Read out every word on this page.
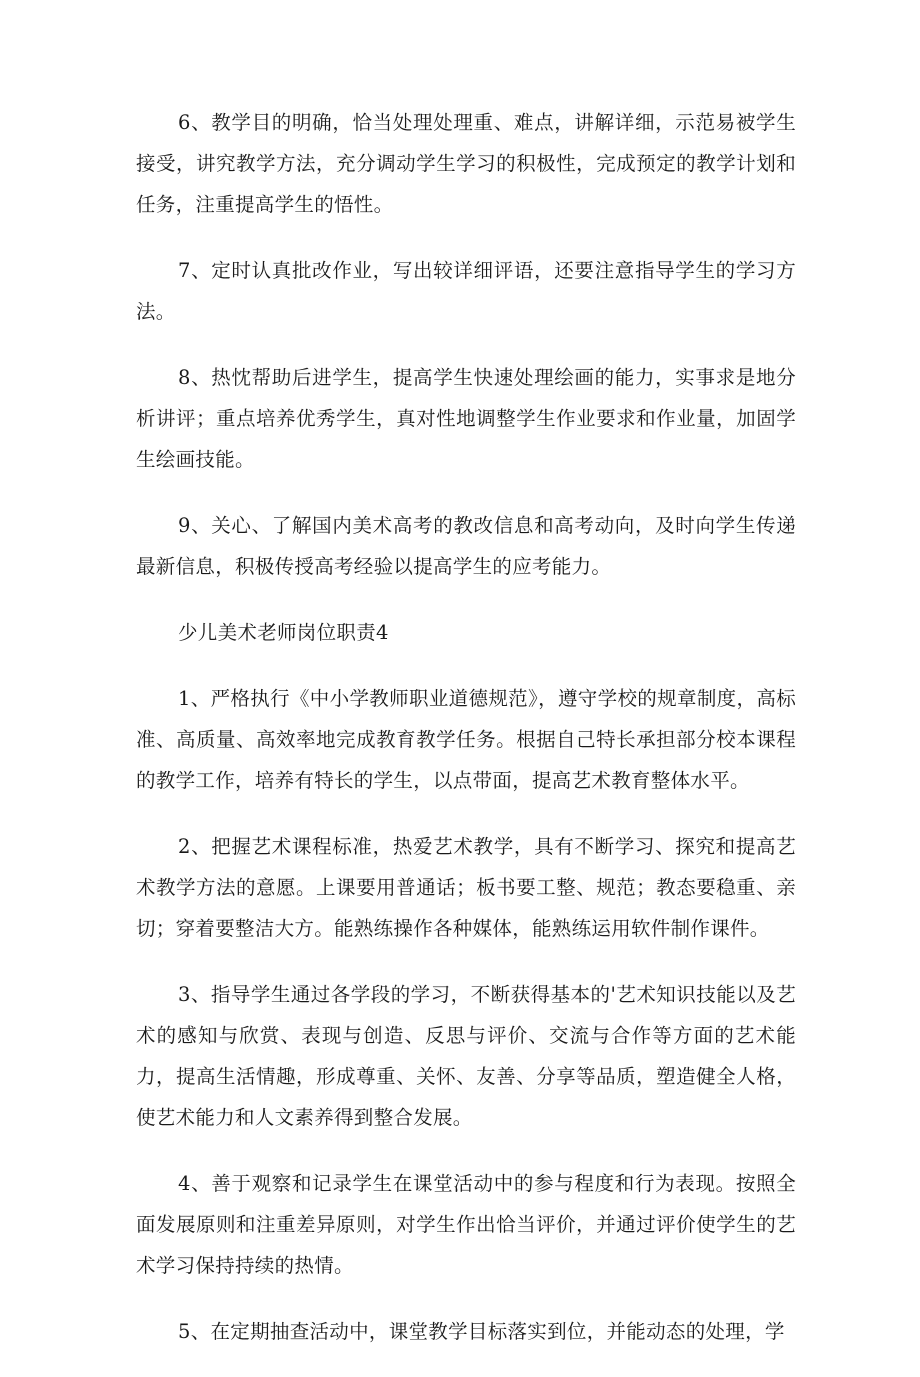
6、教学目的明确，恰当处理处理重、难点，讲解详细，示范易被学生接受，讲究教学方法，充分调动学生学习的积极性，完成预定的教学计划和任务，注重提高学生的悟性。

7、定时认真批改作业，写出较详细评语，还要注意指导学生的学习方法。

8、热忱帮助后进学生，提高学生快速处理绘画的能力，实事求是地分析讲评；重点培养优秀学生，真对性地调整学生作业要求和作业量，加固学生绘画技能。

9、关心、了解国内美术高考的教改信息和高考动向，及时向学生传递最新信息，积极传授高考经验以提高学生的应考能力。

少儿美术老师岗位职责4

1、严格执行《中小学教师职业道德规范》，遵守学校的规章制度，高标准、高质量、高效率地完成教育教学任务。根据自己特长承担部分校本课程的教学工作，培养有特长的学生，以点带面，提高艺术教育整体水平。

2、把握艺术课程标准，热爱艺术教学，具有不断学习、探究和提高艺术教学方法的意愿。上课要用普通话；板书要工整、规范；教态要稳重、亲切；穿着要整洁大方。能熟练操作各种媒体，能熟练运用软件制作课件。

3、指导学生通过各学段的学习，不断获得基本的'艺术知识技能以及艺术的感知与欣赏、表现与创造、反思与评价、交流与合作等方面的艺术能力，提高生活情趣，形成尊重、关怀、友善、分享等品质，塑造健全人格，使艺术能力和人文素养得到整合发展。

4、善于观察和记录学生在课堂活动中的参与程度和行为表现。按照全面发展原则和注重差异原则，对学生作出恰当评价，并通过评价使学生的艺术学习保持持续的热情。

5、在定期抽查活动中，课堂教学目标落实到位，并能动态的处理，学
